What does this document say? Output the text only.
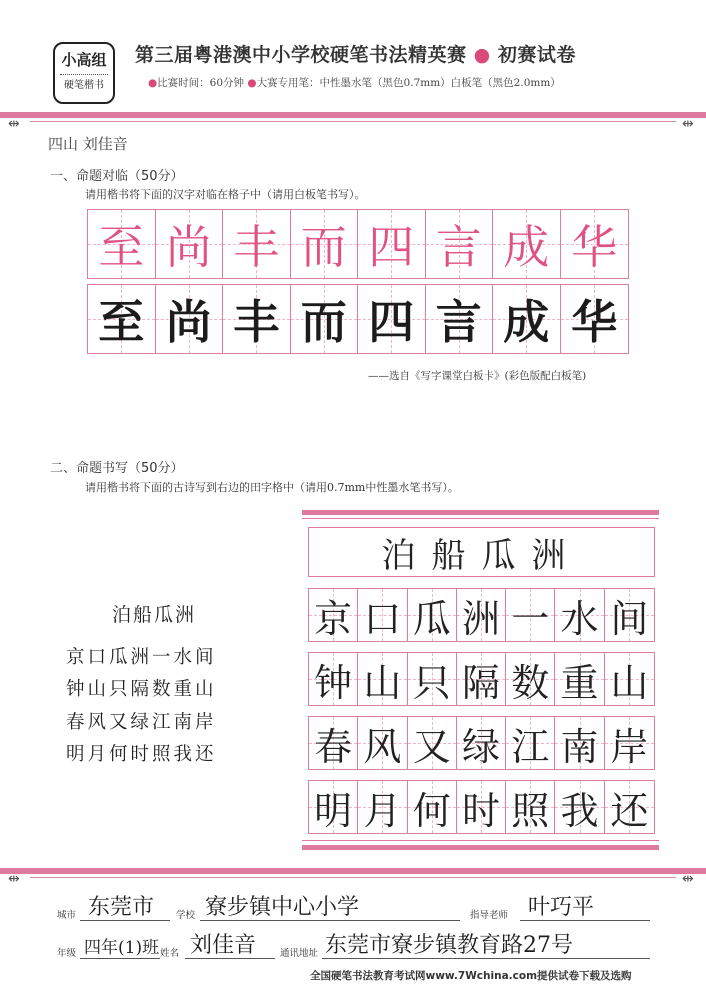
小高组
硬笔楷书
第三届粤港澳中小学校硬笔书法精英赛 ● 初赛试卷
●比赛时间：60分钟 ●大赛专用笔：中性墨水笔（黑色0.7mm）白板笔（黑色2.0mm）
⇹	⇹
四山 刘佳音
一、命题对临（50分）
请用楷书将下面的汉字对临在格子中（请用白板笔书写）。
至 尚 丰 而 四 言 成 华
至 尚 丰 而 四 言 成 华
——选自《写字课堂白板卡》(彩色版配白板笔)
二、命题书写（50分）
请用楷书将下面的古诗写到右边的田字格中（请用0.7mm中性墨水笔书写）。
泊船瓜洲
京口瓜洲一水间
钟山只隔数重山
春风又绿江南岸
明月何时照我还
泊船瓜洲
京 口 瓜 洲 一 水 间
钟 山 只 隔 数 重 山
春 风 又 绿 江 南 岸
明 月 何 时 照 我 还
⇹	⇹
城市 东莞市 学校 寮步镇中心小学	指导老师 叶巧平
年级 四年(1)班 姓名 刘佳音	通讯地址 东莞市寮步镇教育路27号
全国硬笔书法教育考试网www.7Wchina.com提供试卷下载及选购
